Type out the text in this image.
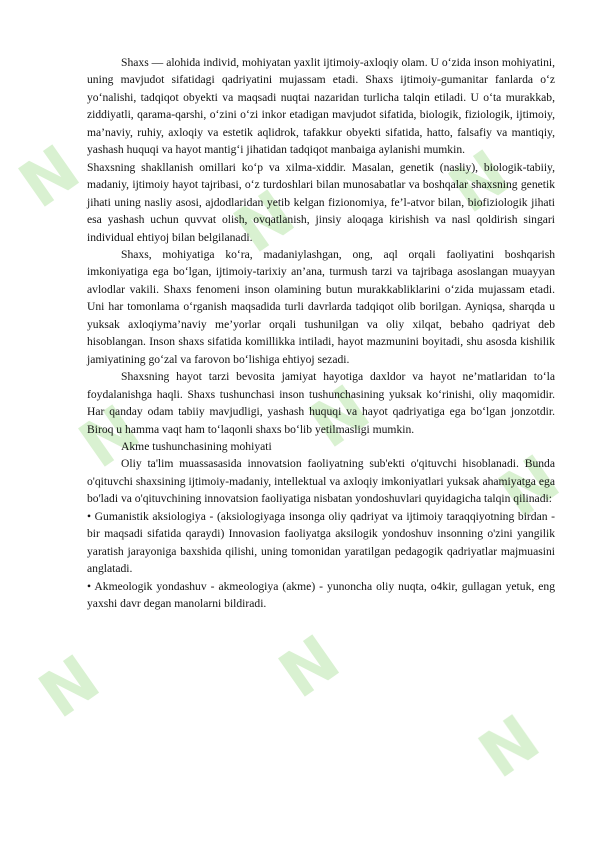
N N N
N N
N
N N
N

Shaxs — alohida individ, mohiyatan yaxlit ijtimoiy-axloqiy olam. U o‘zida inson mohiyatini, uning mavjudot sifatidagi qadriyatini mujassam etadi. Shaxs ijtimoiy-gumanitar fanlarda o‘z yo‘nalishi, tadqiqot obyekti va maqsadi nuqtai nazaridan turlicha talqin etiladi. U o‘ta murakkab, ziddiyatli, qarama-qarshi, o‘zini o‘zi inkor etadigan mavjudot sifatida, biologik, fiziologik, ijtimoiy, ma’naviy, ruhiy, axloqiy va estetik aqlidrok, tafakkur obyekti sifatida, hatto, falsafiy va mantiqiy, yashash huquqi va hayot mantig‘i jihatidan tadqiqot manbaiga aylanishi mumkin.

Shaxsning shakllanish omillari ko‘p va xilma-xiddir. Masalan, genetik (nasliy), biologik-tabiiy, madaniy, ijtimoiy hayot tajribasi, o‘z turdoshlari bilan munosabatlar va boshqalar shaxsning genetik jihati uning nasliy asosi, ajdodlaridan yetib kelgan fizionomiya, fe’l-atvor bilan, biofiziologik jihati esa yashash uchun quvvat olish, ovqatlanish, jinsiy aloqaga kirishish va nasl qoldirish singari individual ehtiyoj bilan belgilanadi.

Shaxs, mohiyatiga ko‘ra, madaniylashgan, ong, aql orqali faoliyatini boshqarish imkoniyatiga ega bo‘lgan, ijtimoiy-tarixiy an’ana, turmush tarzi va tajribaga asoslangan muayyan avlodlar vakili. Shaxs fenomeni inson olamining butun murakkabliklarini o‘zida mujassam etadi. Uni har tomonlama o‘rganish maqsadida turli davrlarda tadqiqot olib borilgan. Ayniqsa, sharqda u yuksak axloqiyma’naviy me’yorlar orqali tushunilgan va oliy xilqat, bebaho qadriyat deb hisoblangan. Inson shaxs sifatida komillikka intiladi, hayot mazmunini boyitadi, shu asosda kishilik jamiyatining go‘zal va farovon bo‘lishiga ehtiyoj sezadi.

Shaxsning hayot tarzi bevosita jamiyat hayotiga daxldor va hayot ne’matlaridan to‘la foydalanishga haqli. Shaxs tushunchasi inson tushunchasining yuksak ko‘rinishi, oliy maqomidir. Har qanday odam tabiiy mavjudligi, yashash huquqi va hayot qadriyatiga ega bo‘lgan jonzotdir. Biroq u hamma vaqt ham to‘laqonli shaxs bo‘lib yetilmasligi mumkin.

Akme tushunchasining mohiyati

Oliy ta'lim muassasasida innovatsion faoliyatning sub'ekti o'qituvchi hisoblanadi. Bunda o'qituvchi shaxsining ijtimoiy-madaniy, intellektual va axloqiy imkoniyatlari yuksak ahamiyatga ega bo'ladi va o'qituvchining innovatsion faoliyatiga nisbatan yondoshuvlari quyidagicha talqin qilinadi:

• Gumanistik aksiologiya - (aksiologiyaga insonga oliy qadriyat va ijtimoiy taraqqiyotning birdan -bir maqsadi sifatida qaraydi) Innovasion faoliyatga aksilogik yondoshuv insonning o'zini yangilik yaratish jarayoniga baxshida qilishi, uning tomonidan yaratilgan pedagogik qadriyatlar majmuasini anglatadi.

• Akmeologik yondashuv - akmeologiya (akme) - yunoncha oliy nuqta, o4kir, gullagan yetuk, eng yaxshi davr degan manolarni bildiradi.
